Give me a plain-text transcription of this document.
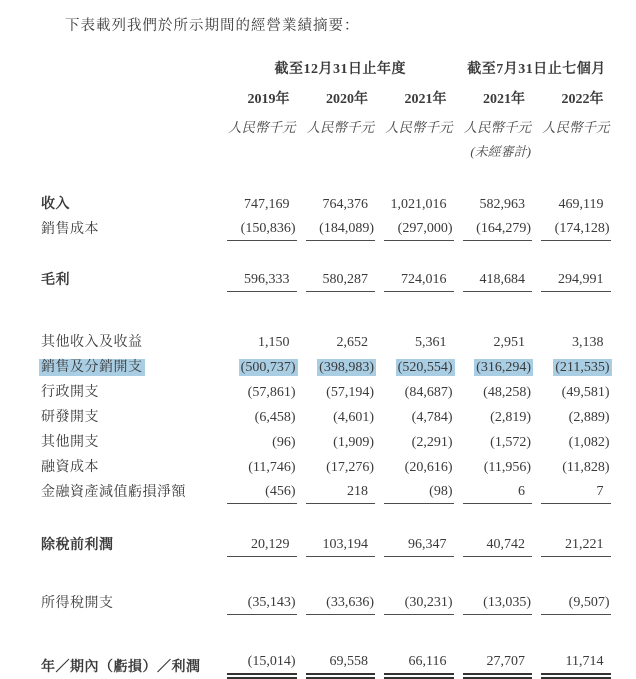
下表載列我們於所示期間的經營業績摘要：

	截至12月31日止年度			截至7月31日止七個月	
	2019年	2020年	2021年	2021年	2022年
	人民幣千元	人民幣千元	人民幣千元	人民幣千元	人民幣千元
				(未經審計)	
收入	747,169	764,376	1,021,016	582,963	469,119
銷售成本	(150,836)	(184,089)	(297,000)	(164,279)	(174,128)

毛利	596,333	580,287	724,016	418,684	294,991

其他收入及收益	1,150	2,652	5,361	2,951	3,138
銷售及分銷開支	(500,737)	(398,983)	(520,554)	(316,294)	(211,535)
行政開支	(57,861)	(57,194)	(84,687)	(48,258)	(49,581)
研發開支	(6,458)	(4,601)	(4,784)	(2,819)	(2,889)
其他開支	(96)	(1,909)	(2,291)	(1,572)	(1,082)
融資成本	(11,746)	(17,276)	(20,616)	(11,956)	(11,828)
金融資產減值虧損淨額	(456)	218	(98)	6	7

除稅前利潤	20,129	103,194	96,347	40,742	21,221

所得稅開支	(35,143)	(33,636)	(30,231)	(13,035)	(9,507)

年／期內（虧損）／利潤	(15,014)	69,558	66,116	27,707	11,714
